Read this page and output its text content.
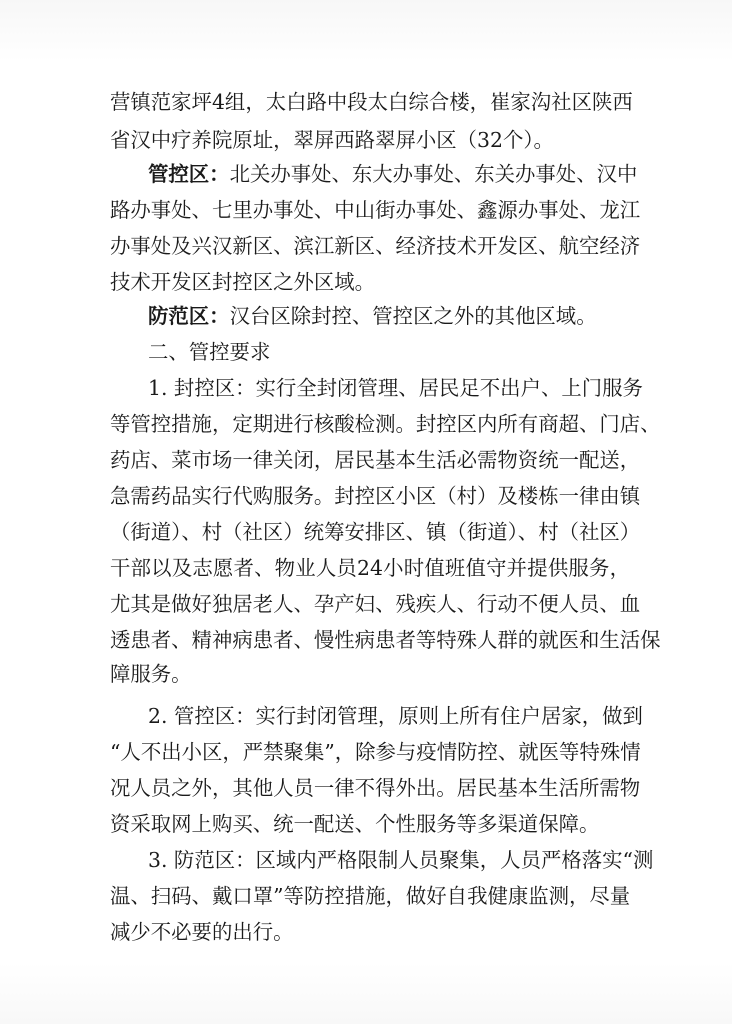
营镇范家坪4组，太白路中段太白综合楼，崔家沟社区陕西
省汉中疗养院原址，翠屏西路翠屏小区（32个）。
管控区：北关办事处、东大办事处、东关办事处、汉中
路办事处、七里办事处、中山街办事处、鑫源办事处、龙江
办事处及兴汉新区、滨江新区、经济技术开发区、航空经济
技术开发区封控区之外区域。
防范区：汉台区除封控、管控区之外的其他区域。
二、管控要求
1. 封控区：实行全封闭管理、居民足不出户、上门服务
等管控措施，定期进行核酸检测。封控区内所有商超、门店、
药店、菜市场一律关闭，居民基本生活必需物资统一配送，
急需药品实行代购服务。封控区小区（村）及楼栋一律由镇
（街道）、村（社区）统筹安排区、镇（街道）、村（社区）
干部以及志愿者、物业人员24小时值班值守并提供服务，
尤其是做好独居老人、孕产妇、残疾人、行动不便人员、血
透患者、精神病患者、慢性病患者等特殊人群的就医和生活保
障服务。
2. 管控区：实行封闭管理，原则上所有住户居家，做到
“人不出小区，严禁聚集”，除参与疫情防控、就医等特殊情
况人员之外，其他人员一律不得外出。居民基本生活所需物
资采取网上购买、统一配送、个性服务等多渠道保障。
3. 防范区：区域内严格限制人员聚集，人员严格落实“测
温、扫码、戴口罩”等防控措施，做好自我健康监测，尽量
减少不必要的出行。
